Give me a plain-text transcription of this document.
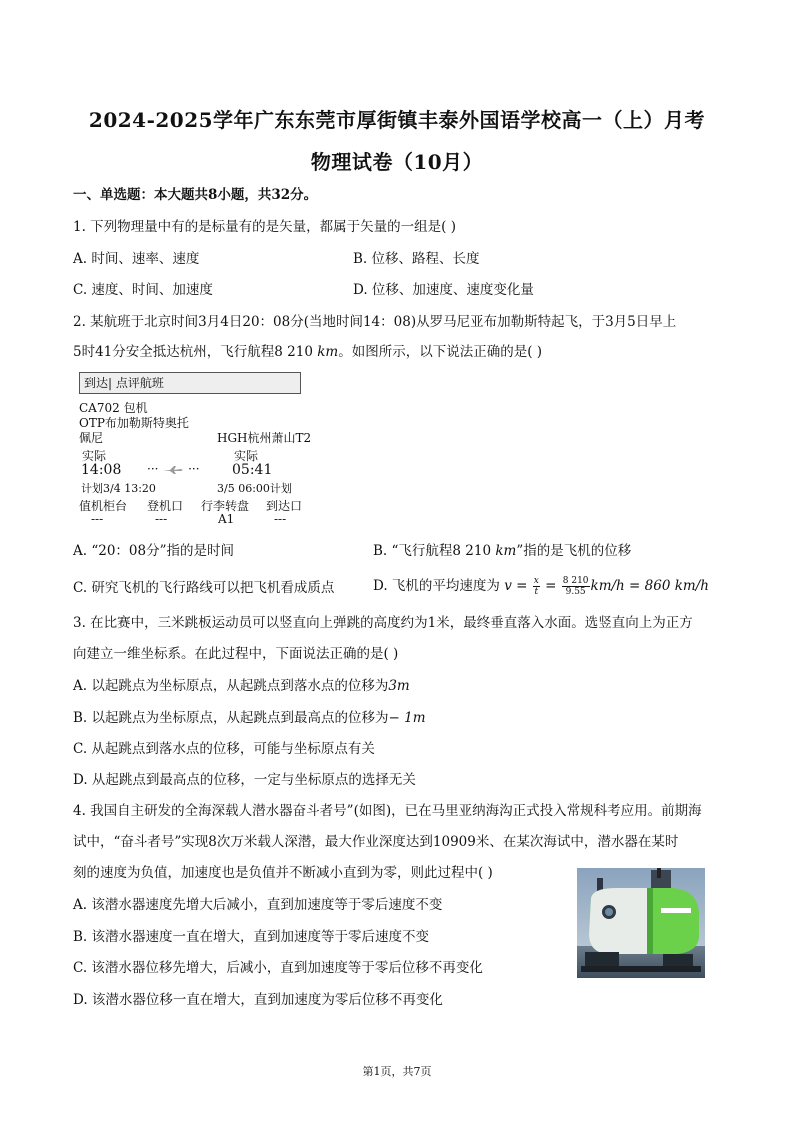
2024-2025学年广东东莞市厚街镇丰泰外国语学校高一（上）月考
物理试卷（10月）
一、单选题：本大题共8小题，共32分。
1. 下列物理量中有的是标量有的是矢量，都属于矢量的一组是( )
A. 时间、速率、速度	B. 位移、路程、长度
C. 速度、时间、加速度	D. 位移、加速度、速度变化量
2. 某航班于北京时间3月4日20：08分(当地时间14：08)从罗马尼亚布加勒斯特起飞，于3月5日早上
5时41分安全抵达杭州，飞行航程8 210 km。如图所示，以下说法正确的是( )
到达| 点评航班
CA702 包机
OTP布加勒斯特奥托
佩尼	HGH杭州萧山T2
实际	实际
14:08 ··· ··· 05:41
计划3/4 13:20	3/5 06:00计划
值机柜台 登机口 行李转盘 到达口
---	---	A1	---
A. “20：08分”指的是时间	B. “飞行航程8 210 km”指的是飞机的位移
C. 研究飞机的飞行路线可以把飞机看成质点	D. 飞机的平均速度为 $v = \frac{x}{t} = \frac{8 210}{9.55} km/h = 860$ km/h
3. 在比赛中，三米跳板运动员可以竖直向上弹跳的高度约为1米，最终垂直落入水面。选竖直向上为正方
向建立一维坐标系。在此过程中，下面说法正确的是( )
A. 以起跳点为坐标原点，从起跳点到落水点的位移为3m
B. 以起跳点为坐标原点，从起跳点到最高点的位移为− 1m
C. 从起跳点到落水点的位移，可能与坐标原点有关
D. 从起跳点到最高点的位移，一定与坐标原点的选择无关
4. 我国自主研发的全海深载人潜水器奋斗者号”(如图)，已在马里亚纳海沟正式投入常规科考应用。前期海
试中，“奋斗者号”实现8次万米载人深潜，最大作业深度达到10909米、在某次海试中，潜水器在某时
刻的速度为负值，加速度也是负值并不断减小直到为零，则此过程中( )
A. 该潜水器速度先增大后减小，直到加速度等于零后速度不变
B. 该潜水器速度一直在增大，直到加速度等于零后速度不变
C. 该潜水器位移先增大，后减小，直到加速度等于零后位移不再变化
D. 该潜水器位移一直在增大，直到加速度为零后位移不再变化
第1页，共7页
